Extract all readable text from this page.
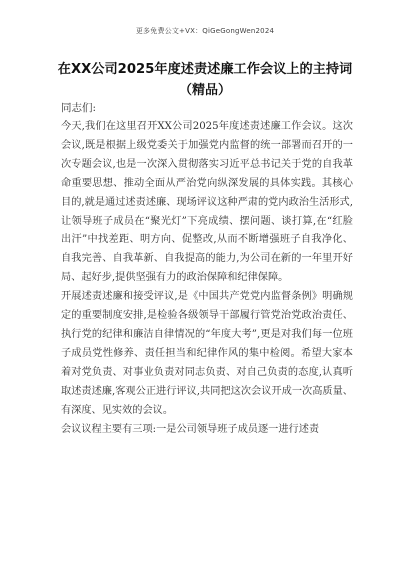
更多免费公文+VX：QiGeGongWen2024
在XX公司2025年度述责述廉工作会议上的主持词
（精品）
同志们:

今天,我们在这里召开XX公司2025年度述责述廉工作会议。这次会议,既是根据上级党委关于加强党内监督的统一部署而召开的一次专题会议,也是一次深入贯彻落实习近平总书记关于党的自我革命重要思想、推动全面从严治党向纵深发展的具体实践。其核心目的,就是通过述责述廉、现场评议这种严肃的党内政治生活形式,让领导班子成员在“聚光灯”下亮成绩、摆问题、谈打算,在“红脸出汗”中找差距、明方向、促整改,从而不断增强班子自我净化、自我完善、自我革新、自我提高的能力,为公司在新的一年里开好局、起好步,提供坚强有力的政治保障和纪律保障。

开展述责述廉和接受评议,是《中国共产党党内监督条例》明确规定的重要制度安排,是检验各级领导干部履行管党治党政治责任、执行党的纪律和廉洁自律情况的“年度大考”,更是对我们每一位班子成员党性修养、责任担当和纪律作风的集中检阅。希望大家本着对党负责、对事业负责对同志负责、对自己负责的态度,认真听取述责述廉,客观公正进行评议,共同把这次会议开成一次高质量、有深度、见实效的会议。

会议议程主要有三项:一是公司领导班子成员逐一进行述责
